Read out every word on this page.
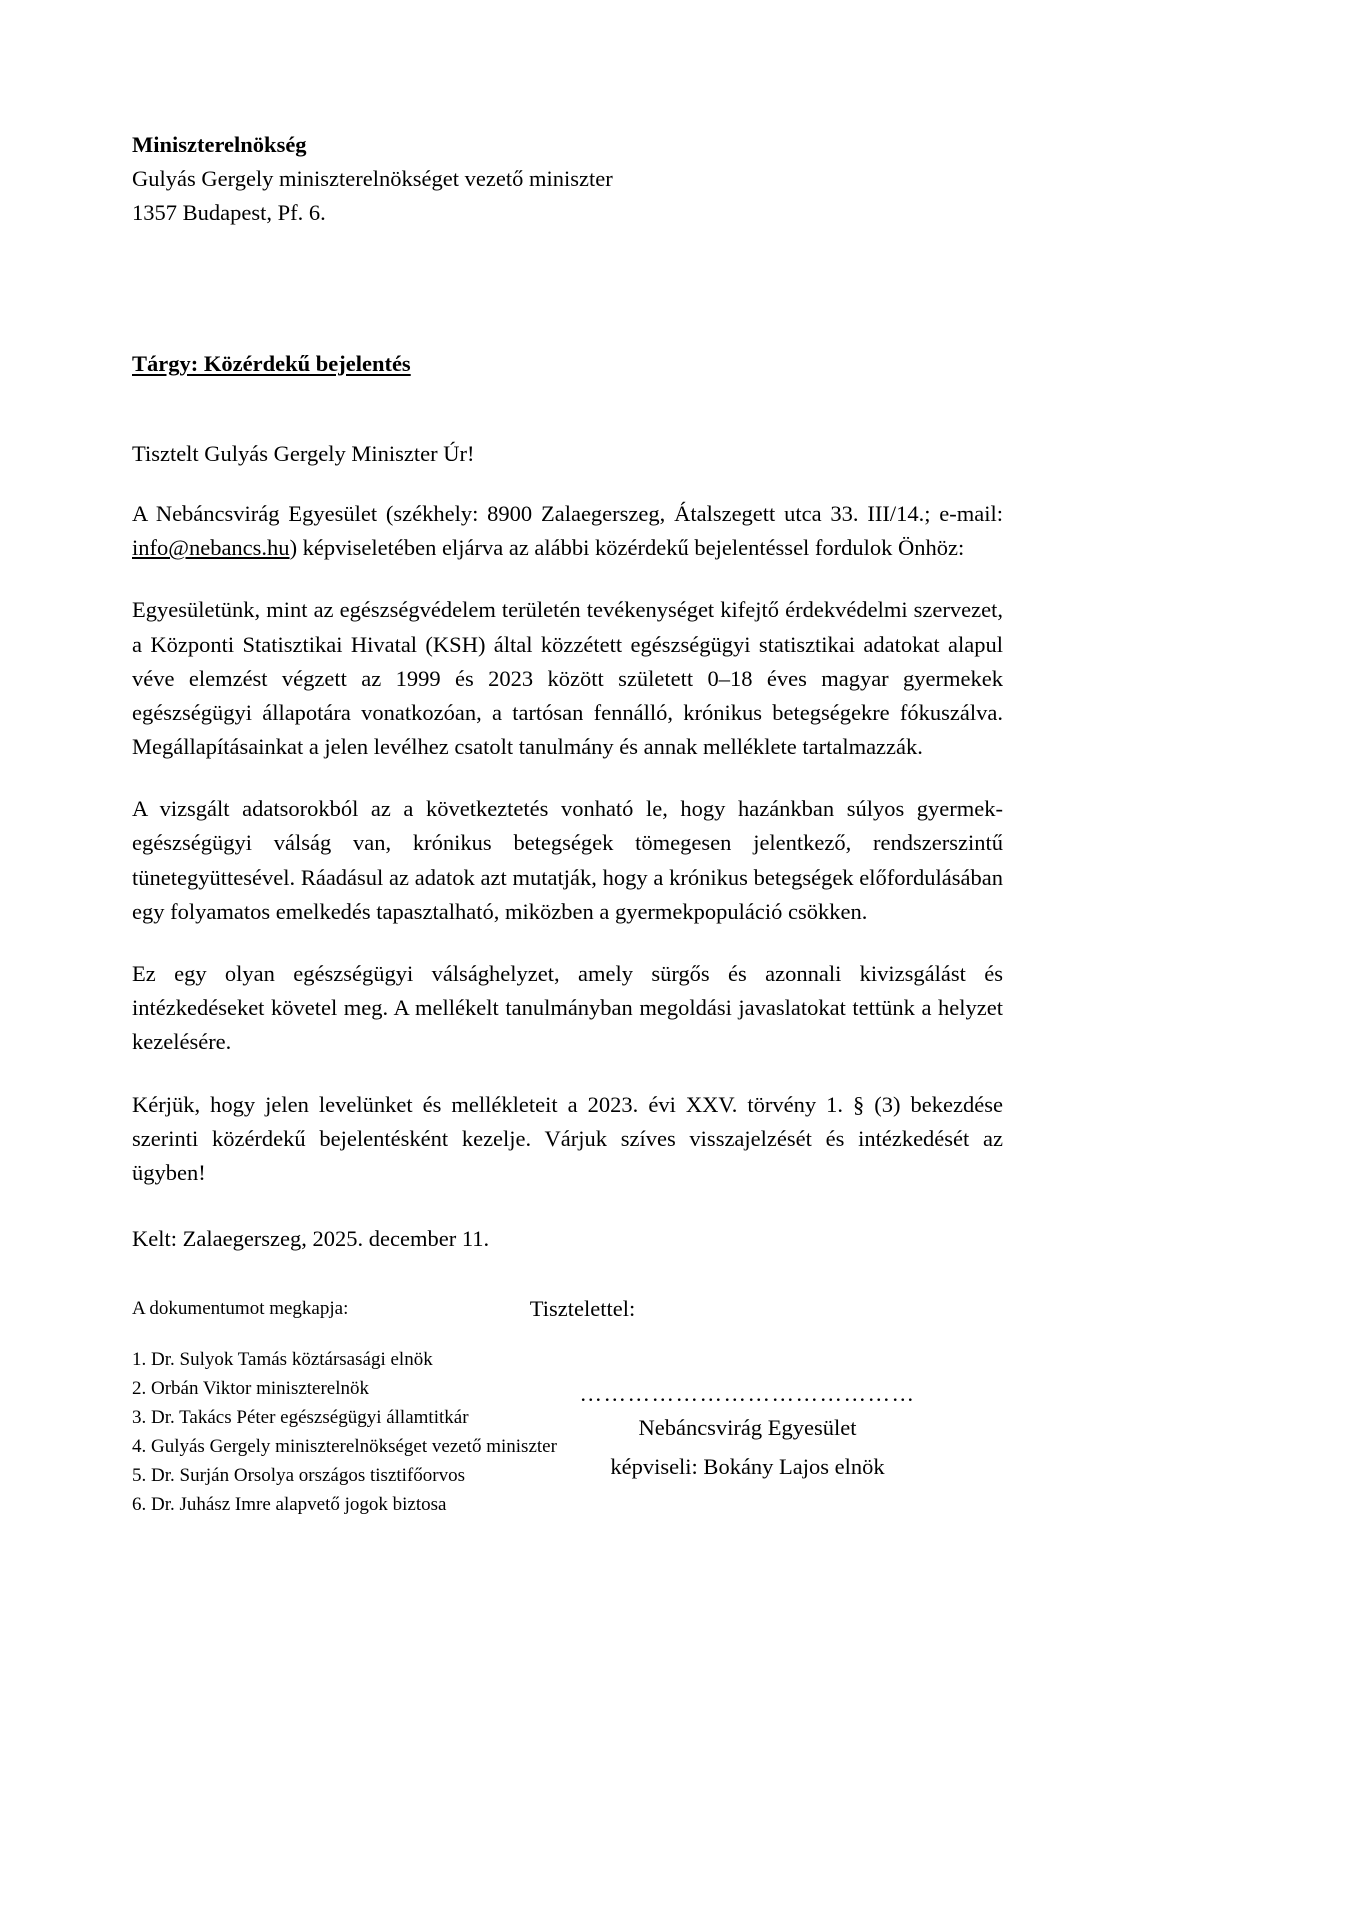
Miniszterelnökség
Gulyás Gergely miniszterelnökséget vezető miniszter
1357 Budapest, Pf. 6.
Tárgy: Közérdekű bejelentés
Tisztelt Gulyás Gergely Miniszter Úr!

A Nebáncsvirág Egyesület (székhely: 8900 Zalaegerszeg, Átalszegett utca 33. III/14.; e-mail: info@nebancs.hu) képviseletében eljárva az alábbi közérdekű bejelentéssel fordulok Önhöz:

Egyesületünk, mint az egészségvédelem területén tevékenységet kifejtő érdekvédelmi szervezet, a Központi Statisztikai Hivatal (KSH) által közzétett egészségügyi statisztikai adatokat alapul véve elemzést végzett az 1999 és 2023 között született 0–18 éves magyar gyermekek egészségügyi állapotára vonatkozóan, a tartósan fennálló, krónikus betegségekre fókuszálva. Megállapításainkat a jelen levélhez csatolt tanulmány és annak melléklete tartalmazzák.

A vizsgált adatsorokból az a következtetés vonható le, hogy hazánkban súlyos gyermek-egészségügyi válság van, krónikus betegségek tömegesen jelentkező, rendszerszintű tünetegyüttesével. Ráadásul az adatok azt mutatják, hogy a krónikus betegségek előfordulásában egy folyamatos emelkedés tapasztalható, miközben a gyermekpopuláció csökken.

Ez egy olyan egészségügyi válsághelyzet, amely sürgős és azonnali kivizsgálást és intézkedéseket követel meg. A mellékelt tanulmányban megoldási javaslatokat tettünk a helyzet kezelésére.

Kérjük, hogy jelen levelünket és mellékleteit a 2023. évi XXV. törvény 1. § (3) bekezdése szerinti közérdekű bejelentésként kezelje. Várjuk szíves visszajelzését és intézkedését az ügyben!

Kelt: Zalaegerszeg, 2025. december 11.
Tisztelettel:
……………………………………
Nebáncsvirág Egyesület
képviseli: Bokány Lajos elnök
A dokumentumot megkapja:
1. Dr. Sulyok Tamás köztársasági elnök
2. Orbán Viktor miniszterelnök
3. Dr. Takács Péter egészségügyi államtitkár
4. Gulyás Gergely miniszterelnökséget vezető miniszter
5. Dr. Surján Orsolya országos tisztifőorvos
6. Dr. Juhász Imre alapvető jogok biztosa
